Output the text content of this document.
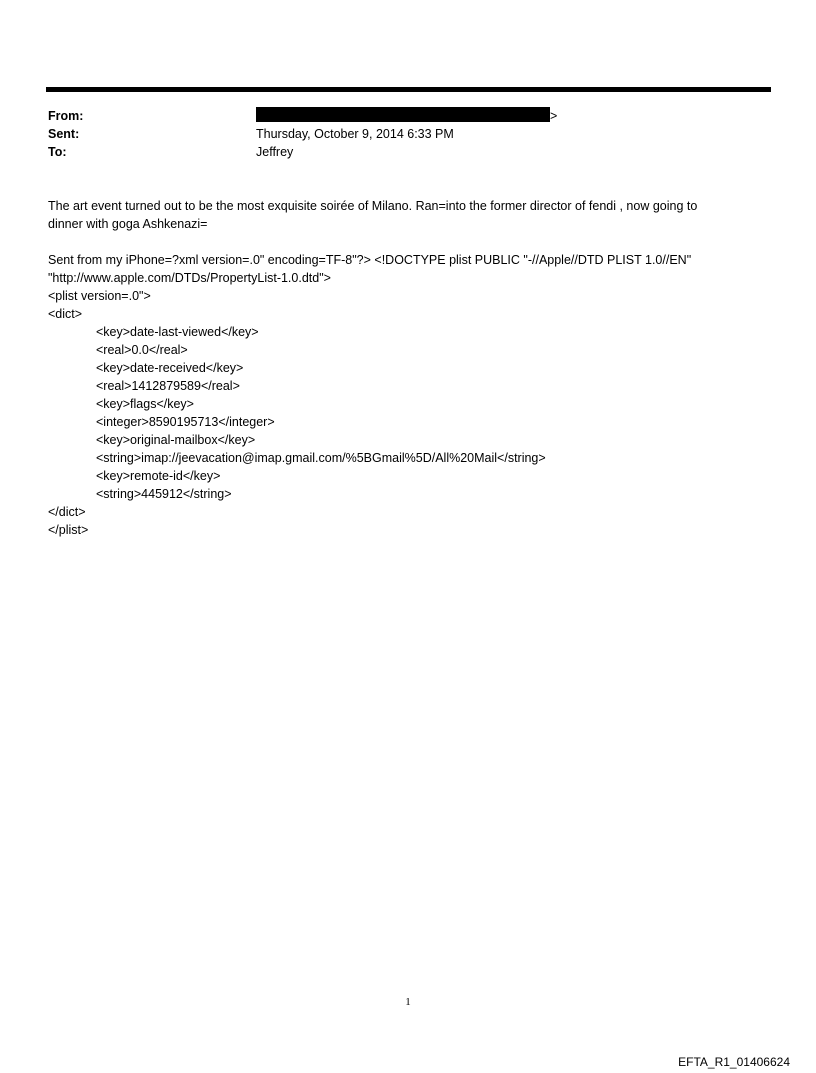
From:	>
Sent:	Thursday, October 9, 2014 6:33 PM
To:	Jeffrey
The art event turned out to be the most exquisite soirée of Milano. Ran=into the former director of fendi , now going to
dinner with goga Ashkenazi=
Sent from my iPhone=?xml version=.0" encoding=TF-8"?> <!DOCTYPE plist PUBLIC "-//Apple//DTD PLIST 1.0//EN"
"http://www.apple.com/DTDs/PropertyList-1.0.dtd">
<plist version=.0">
<dict>
<key>date-last-viewed</key>
<real>0.0</real>
<key>date-received</key>
<real>1412879589</real>
<key>flags</key>
<integer>8590195713</integer>
<key>original-mailbox</key>
<string>imap://jeevacation@imap.gmail.com/%5BGmail%5D/All%20Mail</string>
<key>remote-id</key>
<string>445912</string>
</dict>
</plist>
1
EFTA_R1_01406624
